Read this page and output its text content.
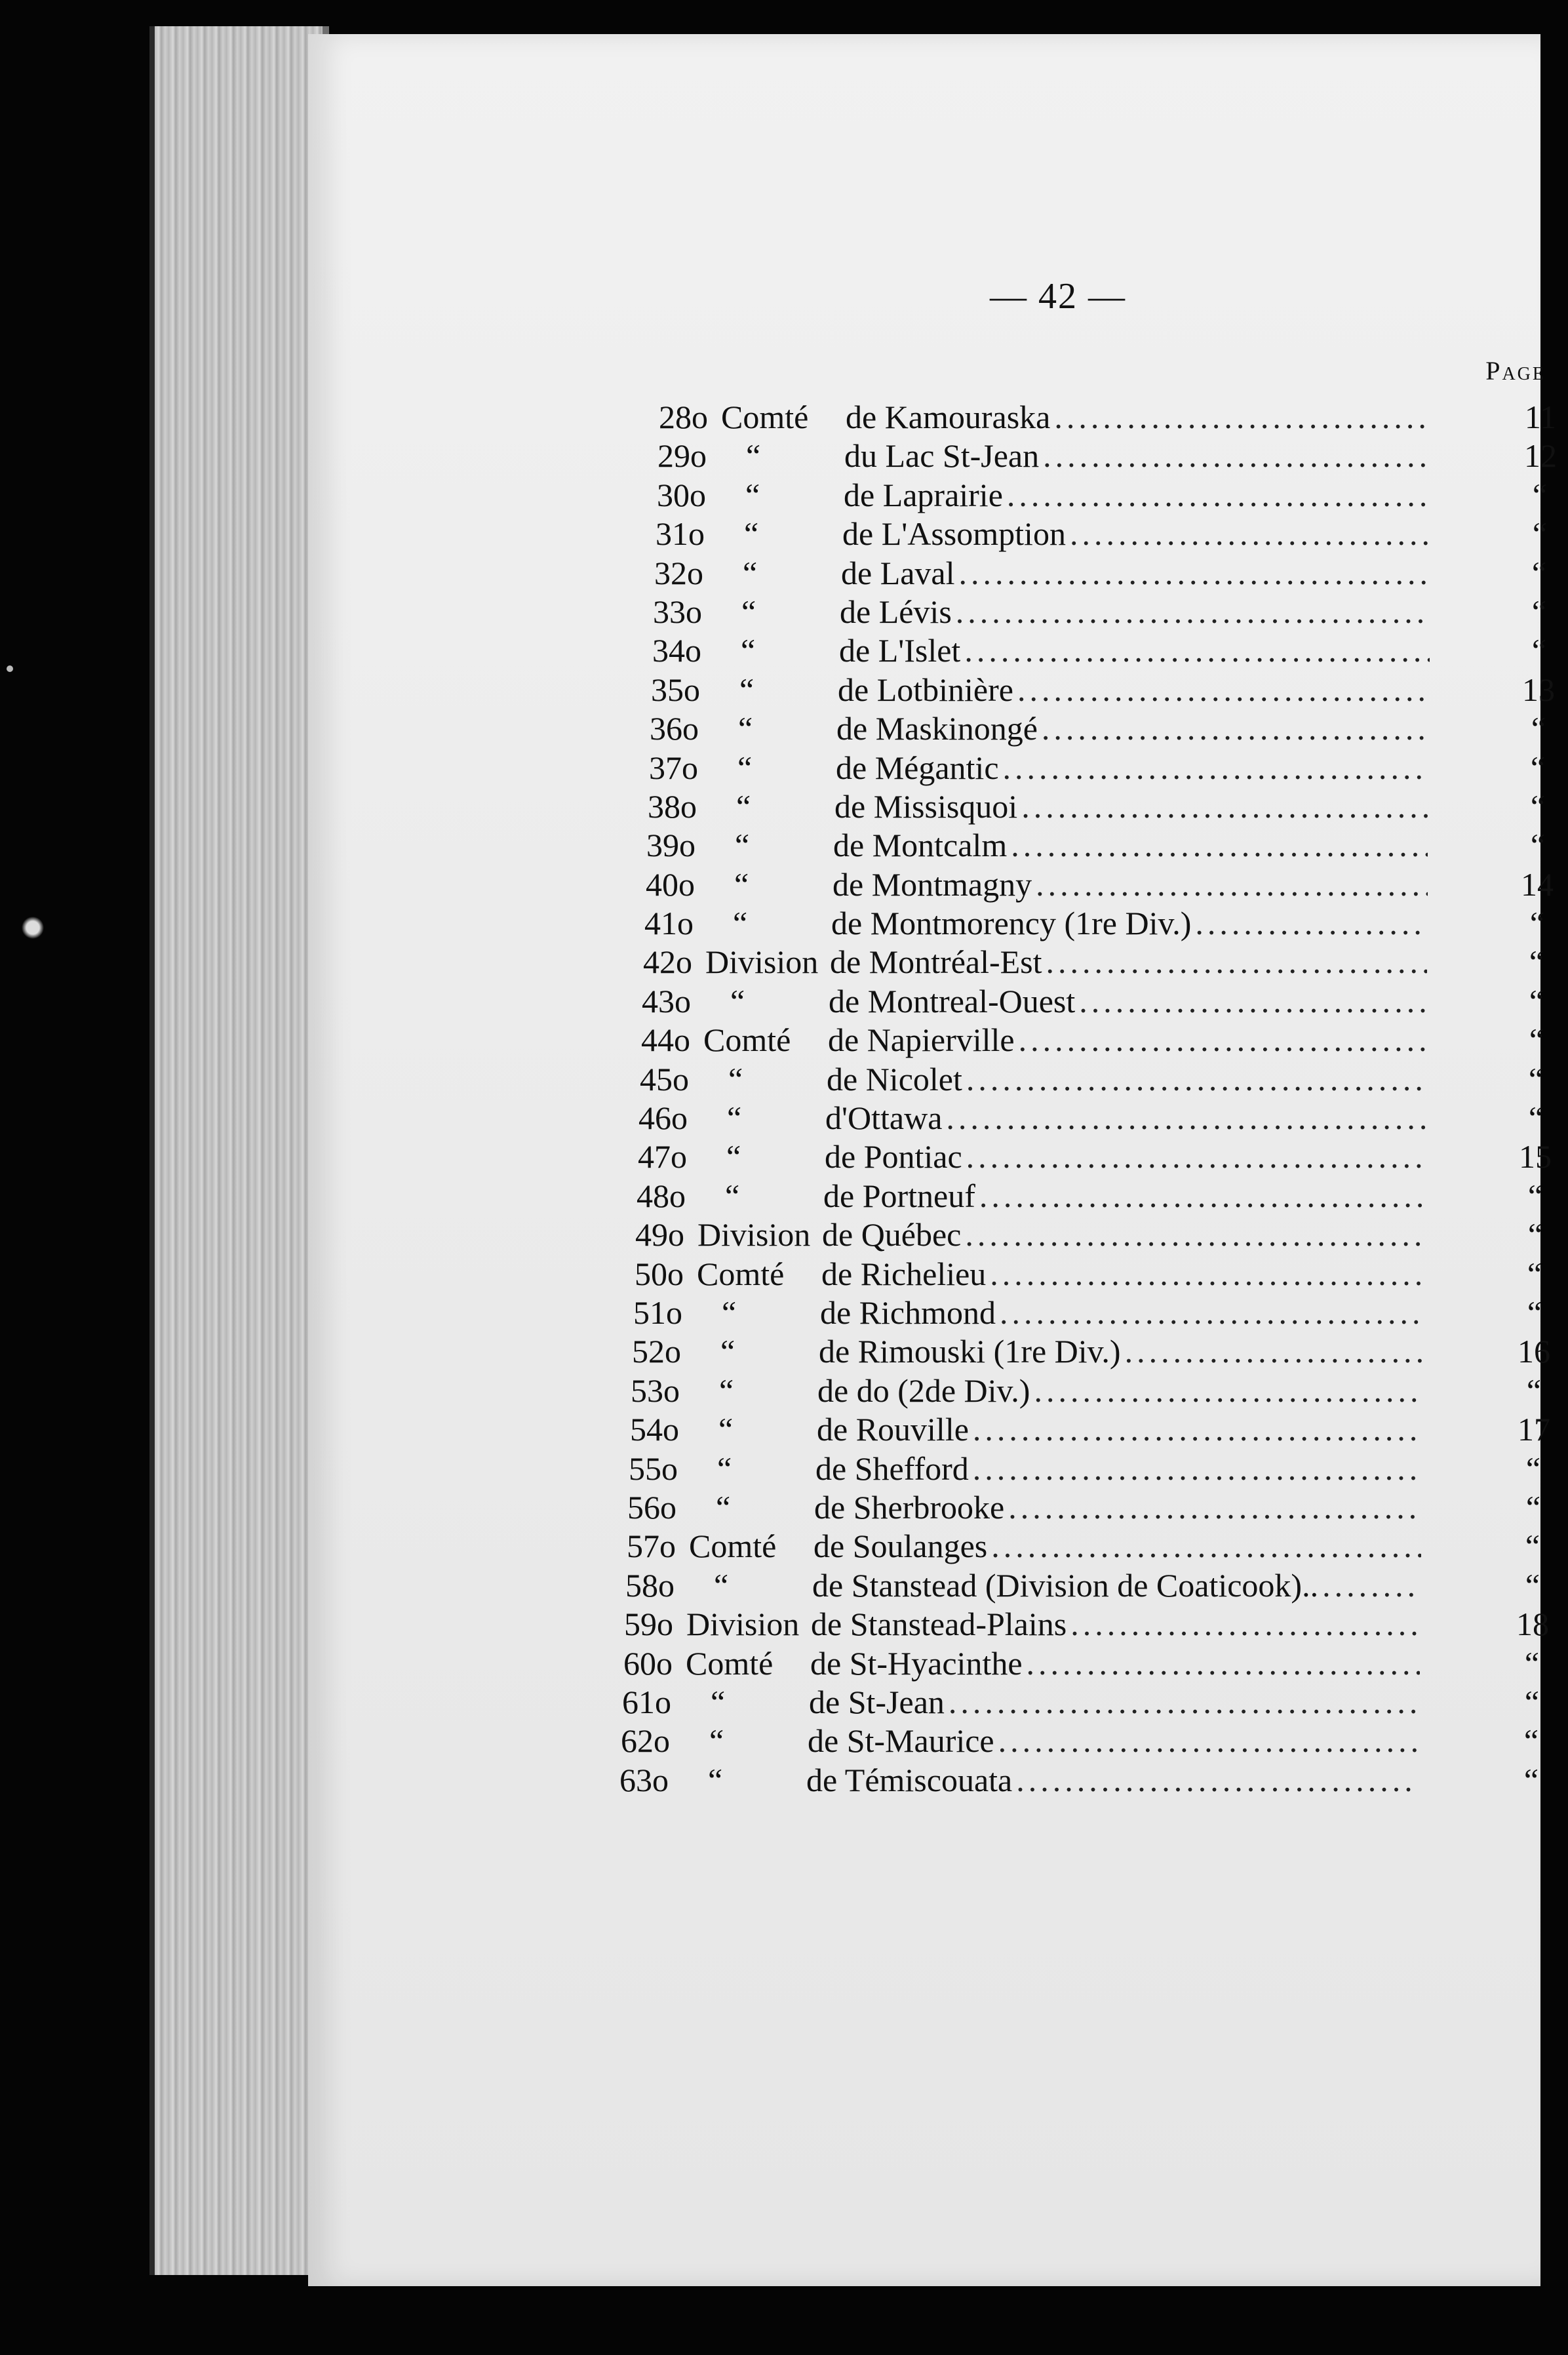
— 42 —
Page
28o Comté	de Kamouraska .....	11
29o	“	du Lac St-Jean .....	12
30o	“	de Laprairie .....	“
31o	“	de L'Assomption .....	“
32o	“	de Laval .....	“
33o	“	de Lévis .....	“
34o	“	de L'Islet .....	“
35o	“	de Lotbinière .....	13
36o	“	de Maskinongé .....	“
37o	“	de Mégantic .....	“
38o	“	de Missisquoi .....	“
39o	“	de Montcalm .....	“
40o	“	de Montmagny .....	14
41o	“	de Montmorency (1re Div.) .....	“
42o Division de Montréal-Est .....	“
43o	“	de Montreal-Ouest .....	“
44o Comté	de Napierville .....	“
45o	“	de Nicolet .....	“
46o	“	d'Ottawa .....	“
47o	“	de Pontiac .....	15
48o	“	de Portneuf .....	“
49o Division de Québec .....	“
50o Comté	de Richelieu .....	“
51o	“	de Richmond .....	“
52o	“	de Rimouski (1re Div.) .....	16
53o	“	de do (2de Div.) .....	“
54o	“	de Rouville .....	17
55o	“	de Shefford .....	“
56o	“	de Sherbrooke .....	“
57o Comté	de Soulanges .....	“
58o	“	de Stanstead (Division de Coaticook).. .....	“
59o Division de Stanstead-Plains .....	18
60o Comté	de St-Hyacinthe .....	“
61o	“	de St-Jean .....	“
62o	“	de St-Maurice .....	“
63o	“	de Témiscouata .....	“
